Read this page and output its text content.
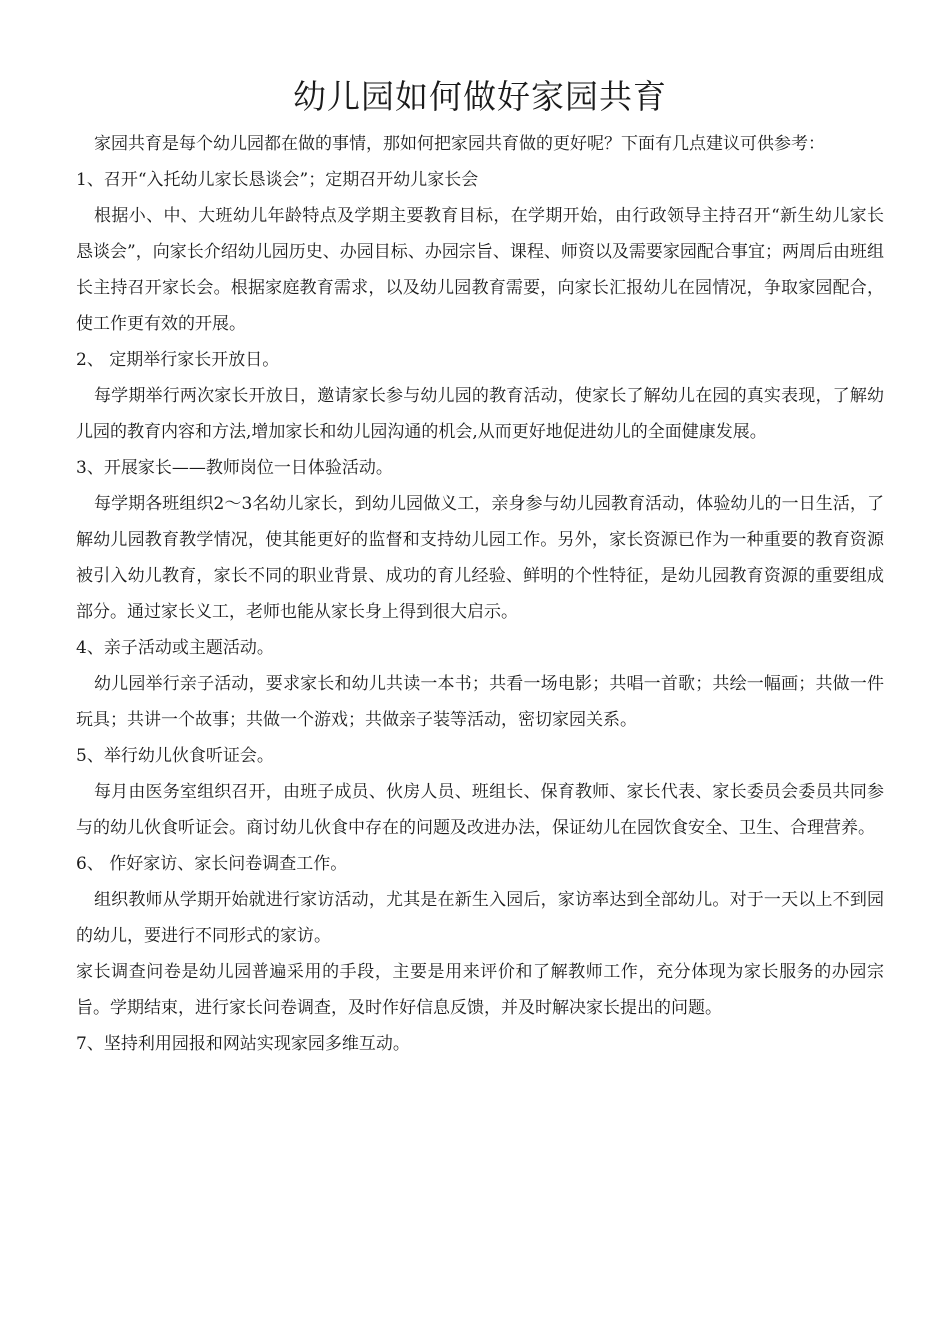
幼儿园如何做好家园共育

家园共育是每个幼儿园都在做的事情，那如何把家园共育做的更好呢？下面有几点建议可供参考：

1、召开“入托幼儿家长恳谈会”；定期召开幼儿家长会

根据小、中、大班幼儿年龄特点及学期主要教育目标，在学期开始，由行政领导主持召开“新生幼儿家长恳谈会”，向家长介绍幼儿园历史、办园目标、办园宗旨、课程、师资以及需要家园配合事宜；两周后由班组长主持召开家长会。根据家庭教育需求，以及幼儿园教育需要，向家长汇报幼儿在园情况，争取家园配合，使工作更有效的开展。

2、 定期举行家长开放日。

每学期举行两次家长开放日，邀请家长参与幼儿园的教育活动，使家长了解幼儿在园的真实表现，了解幼儿园的教育内容和方法,增加家长和幼儿园沟通的机会,从而更好地促进幼儿的全面健康发展。

3、开展家长——教师岗位一日体验活动。

每学期各班组织2～3名幼儿家长，到幼儿园做义工，亲身参与幼儿园教育活动，体验幼儿的一日生活，了解幼儿园教育教学情况，使其能更好的监督和支持幼儿园工作。另外，家长资源已作为一种重要的教育资源被引入幼儿教育，家长不同的职业背景、成功的育儿经验、鲜明的个性特征，是幼儿园教育资源的重要组成部分。通过家长义工，老师也能从家长身上得到很大启示。

4、亲子活动或主题活动。

幼儿园举行亲子活动，要求家长和幼儿共读一本书；共看一场电影；共唱一首歌；共绘一幅画；共做一件玩具；共讲一个故事；共做一个游戏；共做亲子装等活动，密切家园关系。

5、举行幼儿伙食听证会。

每月由医务室组织召开，由班子成员、伙房人员、班组长、保育教师、家长代表、家长委员会委员共同参与的幼儿伙食听证会。商讨幼儿伙食中存在的问题及改进办法，保证幼儿在园饮食安全、卫生、合理营养。

6、 作好家访、家长问卷调查工作。

组织教师从学期开始就进行家访活动，尤其是在新生入园后，家访率达到全部幼儿。对于一天以上不到园的幼儿，要进行不同形式的家访。

家长调查问卷是幼儿园普遍采用的手段，主要是用来评价和了解教师工作，充分体现为家长服务的办园宗旨。学期结束，进行家长问卷调查，及时作好信息反馈，并及时解决家长提出的问题。

7、坚持利用园报和网站实现家园多维互动。
